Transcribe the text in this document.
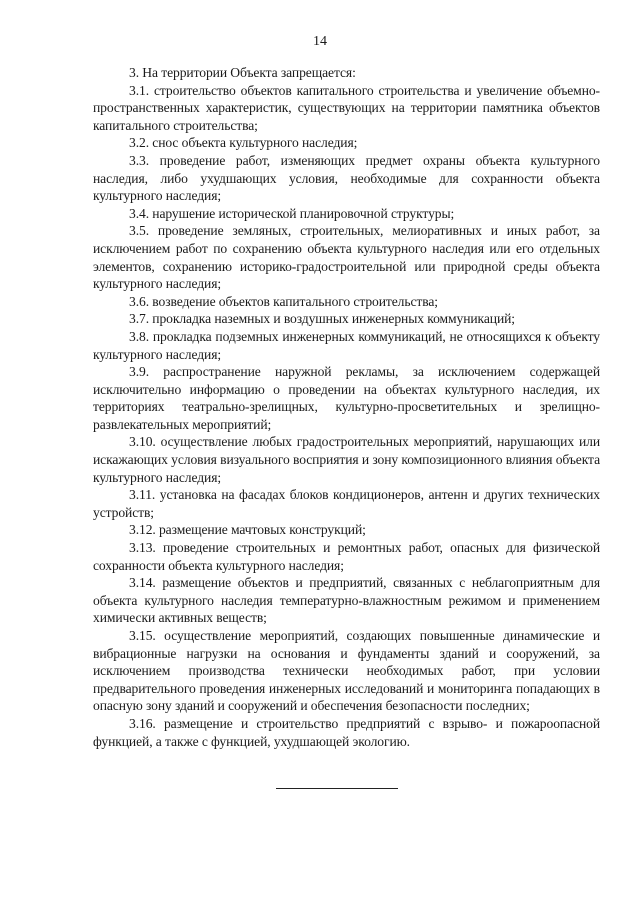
14

3. На территории Объекта запрещается:

3.1. строительство объектов капитального строительства и увеличение объемно-пространственных характеристик, существующих на территории памятника объектов капитального строительства;

3.2. снос объекта культурного наследия;

3.3. проведение работ, изменяющих предмет охраны объекта культурного наследия, либо ухудшающих условия, необходимые для сохранности объекта культурного наследия;

3.4. нарушение исторической планировочной структуры;

3.5. проведение земляных, строительных, мелиоративных и иных работ, за исключением работ по сохранению объекта культурного наследия или его отдельных элементов, сохранению историко-градостроительной или природной среды объекта культурного наследия;

3.6. возведение объектов капитального строительства;

3.7. прокладка наземных и воздушных инженерных коммуникаций;

3.8. прокладка подземных инженерных коммуникаций, не относящихся к объекту культурного наследия;

3.9. распространение наружной рекламы, за исключением содержащей исключительно информацию о проведении на объектах культурного наследия, их территориях театрально-зрелищных, культурно-просветительных и зрелищно-развлекательных мероприятий;

3.10. осуществление любых градостроительных мероприятий, нарушающих или искажающих условия визуального восприятия и зону композиционного влияния объекта культурного наследия;

3.11. установка на фасадах блоков кондиционеров, антенн и других технических устройств;

3.12. размещение мачтовых конструкций;

3.13. проведение строительных и ремонтных работ, опасных для физической сохранности объекта культурного наследия;

3.14. размещение объектов и предприятий, связанных с неблагоприятным для объекта культурного наследия температурно-влажностным режимом и применением химически активных веществ;

3.15. осуществление мероприятий, создающих повышенные динамические и вибрационные нагрузки на основания и фундаменты зданий и сооружений, за исключением производства технически необходимых работ, при условии предварительного проведения инженерных исследований и мониторинга попадающих в опасную зону зданий и сооружений и обеспечения безопасности последних;

3.16. размещение и строительство предприятий с взрыво- и пожароопасной функцией, а также с функцией, ухудшающей экологию.
